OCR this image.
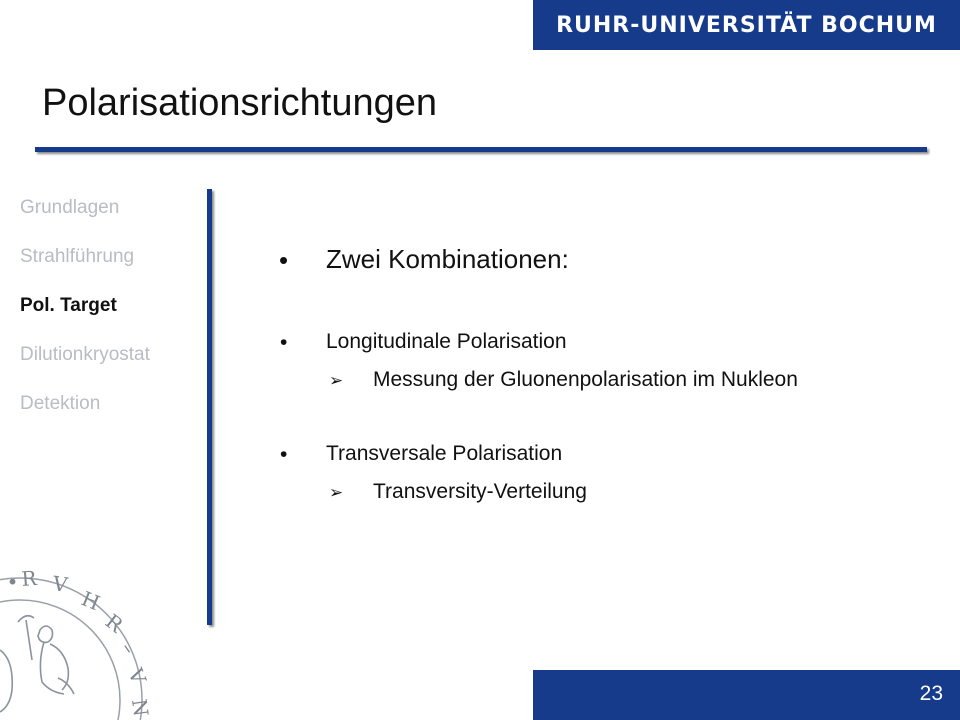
RUHR-UNIVERSITÄT BOCHUM
Polarisationsrichtungen
Grundlagen
Strahlführung
Pol. Target
Dilutionkryostat
Detektion
• Zwei Kombinationen:
• Longitudinale Polarisation
➢ Messung der Gluonenpolarisation im Nukleon
• Transversale Polarisation
➢ Transversity-Verteilung
• R V
H
R
–
V
N
23
